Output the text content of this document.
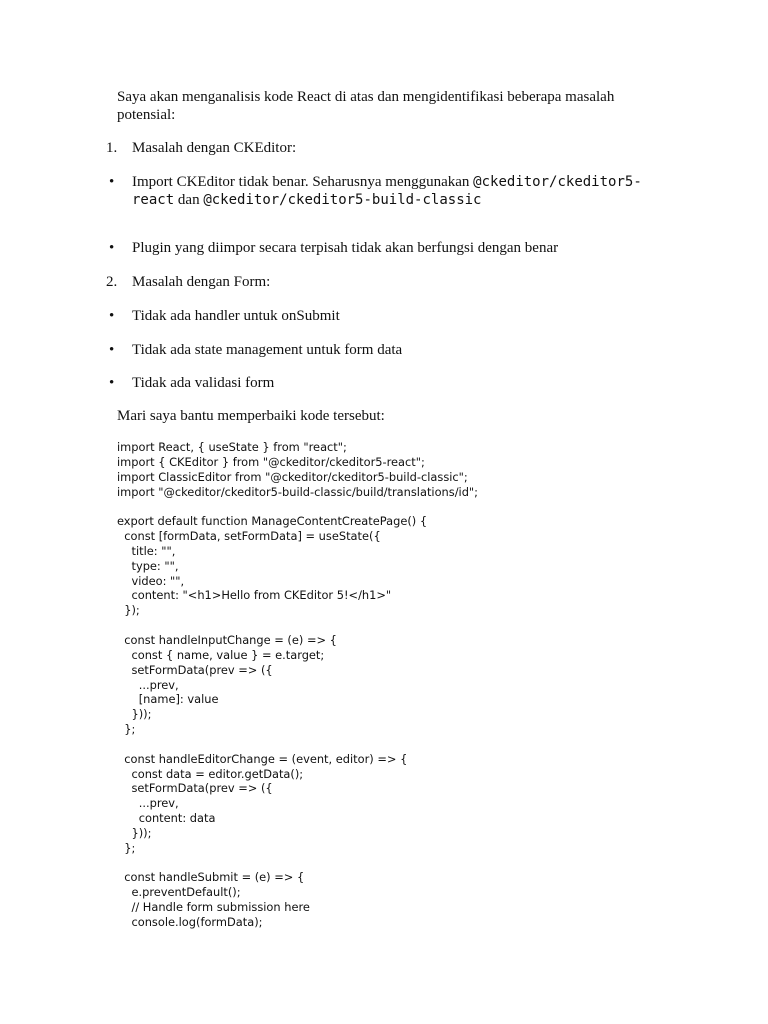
Saya akan menganalisis kode React di atas dan mengidentifikasi beberapa masalah potensial:

1. Masalah dengan CKEditor:
•	Import CKEditor tidak benar. Seharusnya menggunakan @ckeditor/ckeditor5-react dan @ckeditor/ckeditor5-build-classic
•	Plugin yang diimpor secara terpisah tidak akan berfungsi dengan benar
2. Masalah dengan Form:
•	Tidak ada handler untuk onSubmit
•	Tidak ada state management untuk form data
•	Tidak ada validasi form

Mari saya bantu memperbaiki kode tersebut:

import React, { useState } from "react";
import { CKEditor } from "@ckeditor/ckeditor5-react";
import ClassicEditor from "@ckeditor/ckeditor5-build-classic";
import "@ckeditor/ckeditor5-build-classic/build/translations/id";

export default function ManageContentCreatePage() {
const [formData, setFormData] = useState({
title: "",
type: "",
video: "",
content: "<h1>Hello from CKEditor 5!</h1>"
});

const handleInputChange = (e) => {
const { name, value } = e.target;
setFormData(prev => ({
...prev,
[name]: value
}));
};

const handleEditorChange = (event, editor) => {
const data = editor.getData();
setFormData(prev => ({
...prev,
content: data
}));
};

const handleSubmit = (e) => {
e.preventDefault();
// Handle form submission here
console.log(formData);
